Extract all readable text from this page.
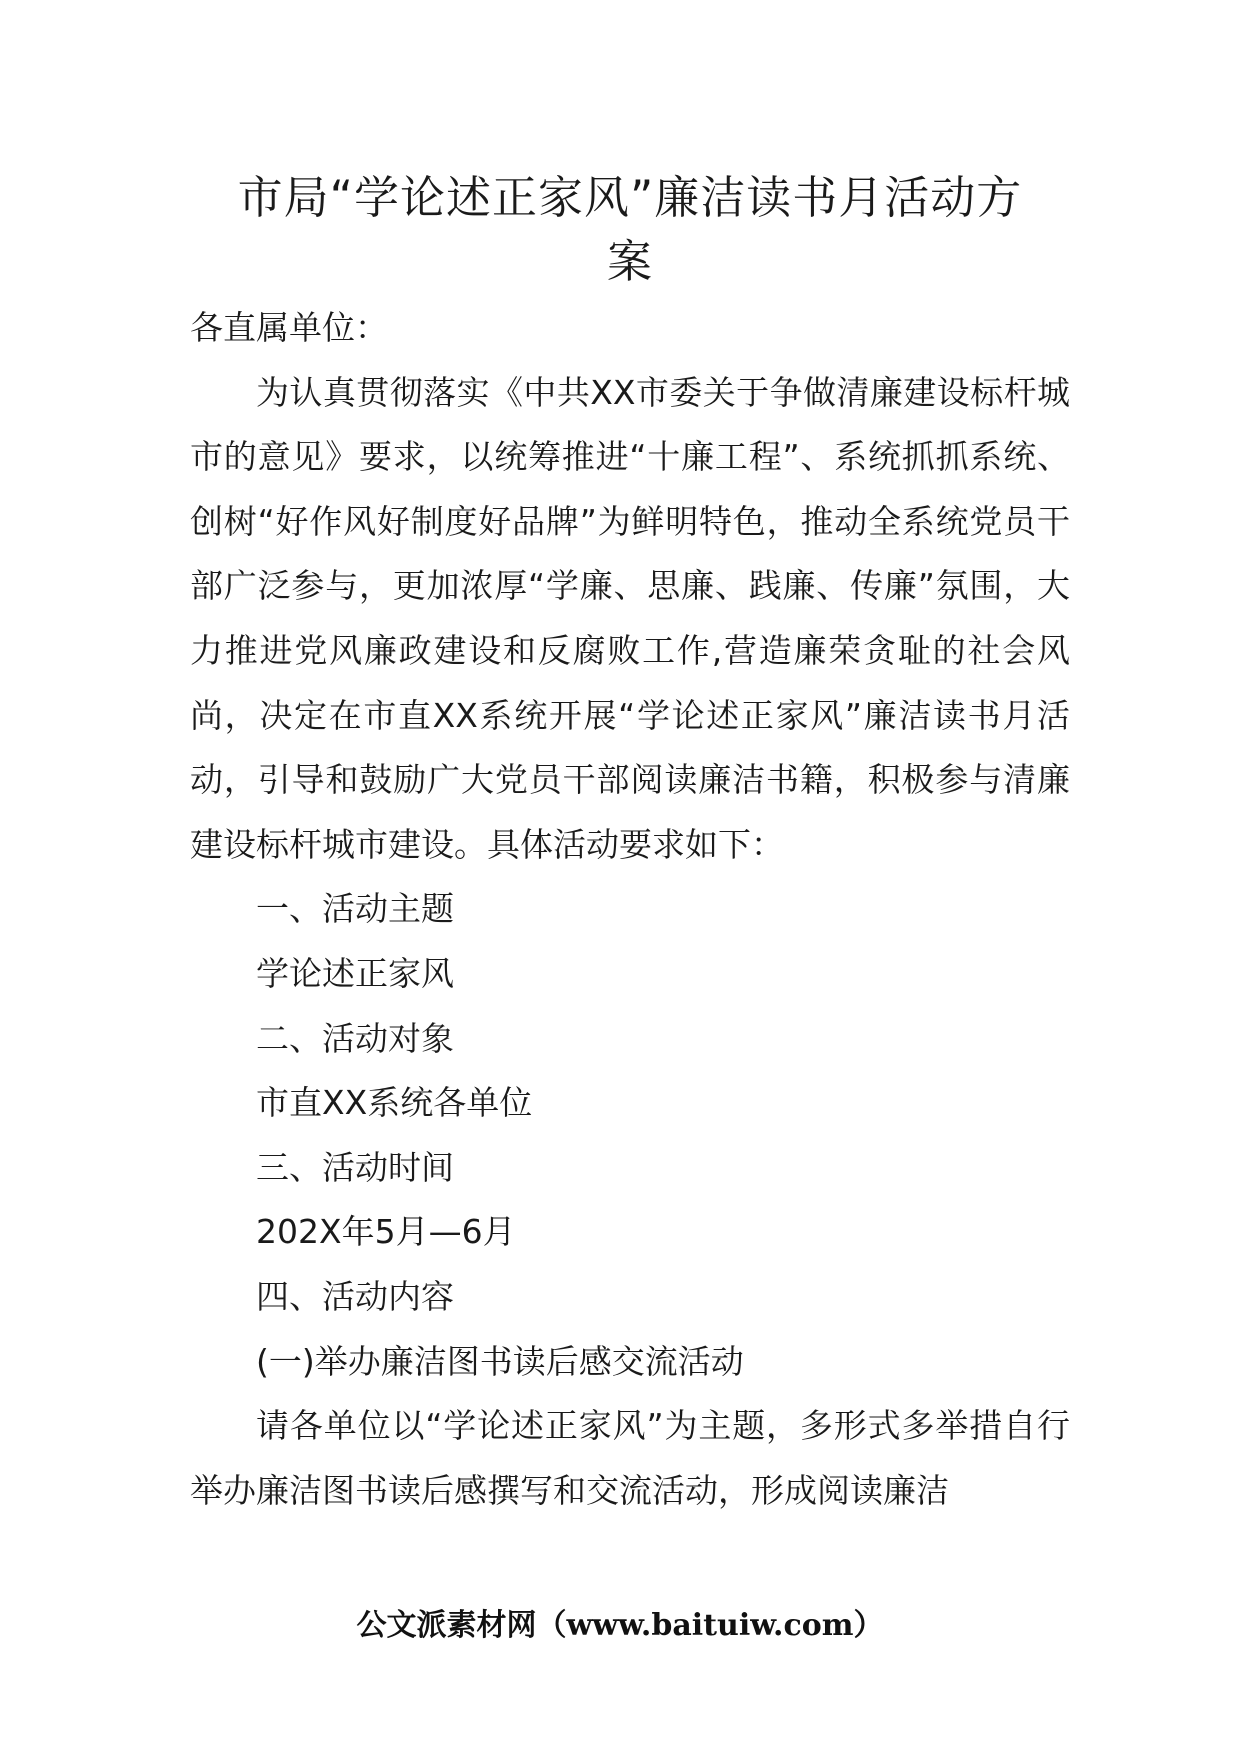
市局“学论述正家风”廉洁读书月活动方
案

各直属单位：

为认真贯彻落实《中共XX市委关于争做清廉建设标杆城市的意见》要求，以统筹推进“十廉工程”、系统抓抓系统、创树“好作风好制度好品牌”为鲜明特色，推动全系统党员干部广泛参与，更加浓厚“学廉、思廉、践廉、传廉”氛围，大力推进党风廉政建设和反腐败工作,营造廉荣贪耻的社会风尚，决定在市直XX系统开展“学论述正家风”廉洁读书月活动，引导和鼓励广大党员干部阅读廉洁书籍，积极参与清廉建设标杆城市建设。具体活动要求如下：

一、活动主题

学论述正家风

二、活动对象

市直XX系统各单位

三、活动时间

202X年5月—6月

四、活动内容

(一)举办廉洁图书读后感交流活动

请各单位以“学论述正家风”为主题，多形式多举措自行举办廉洁图书读后感撰写和交流活动，形成阅读廉洁

公文派素材网（www.baituiw.com）
